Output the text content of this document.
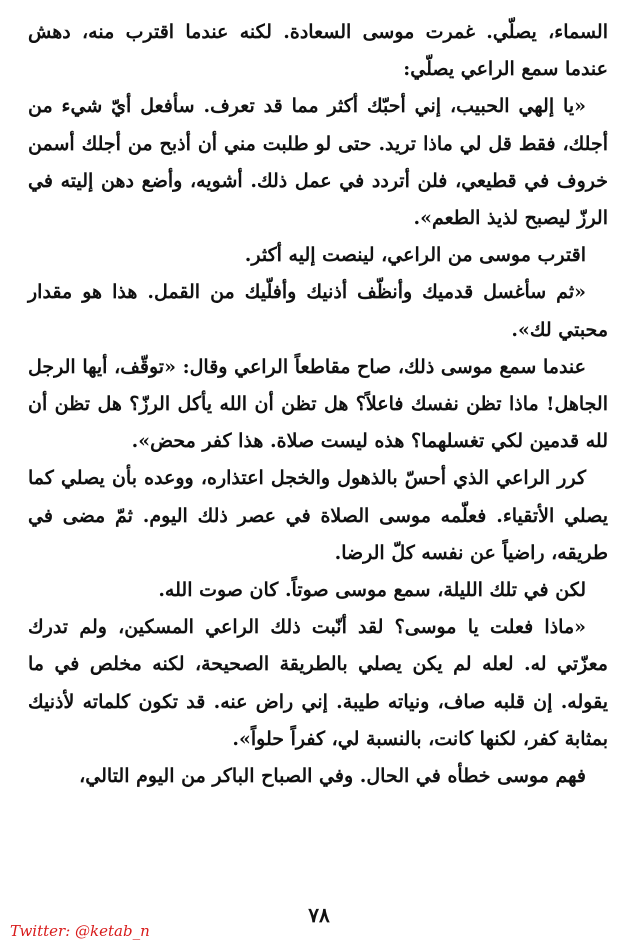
السماء، يصلّي. غمرت موسى السعادة. لكنه عندما اقترب منه، دهش عندما سمع الراعي يصلّي:

«يا إلهي الحبيب، إني أحبّك أكثر مما قد تعرف. سأفعل أيّ شيء من أجلك، فقط قل لي ماذا تريد. حتى لو طلبت مني أن أذبح من أجلك أسمن خروف في قطيعي، فلن أتردد في عمل ذلك. أشويه، وأضع دهن إليته في الرزّ ليصبح لذيذ الطعم».

اقترب موسى من الراعي، لينصت إليه أكثر.

«ثم سأغسل قدميك وأنظّف أذنيك وأفلّيك من القمل. هذا هو مقدار محبتي لك».

عندما سمع موسى ذلك، صاح مقاطعاً الراعي وقال: «توقّف، أيها الرجل الجاهل! ماذا تظن نفسك فاعلاً؟ هل تظن أن الله يأكل الرزّ؟ هل تظن أن لله قدمين لكي تغسلهما؟ هذه ليست صلاة. هذا كفر محض».

كرر الراعي الذي أحسّ بالذهول والخجل اعتذاره، ووعده بأن يصلي كما يصلي الأتقياء. فعلّمه موسى الصلاة في عصر ذلك اليوم. ثمّ مضى في طريقه، راضياً عن نفسه كلّ الرضا.

لكن في تلك الليلة، سمع موسى صوتاً. كان صوت الله.

«ماذا فعلت يا موسى؟ لقد أنّبت ذلك الراعي المسكين، ولم تدرك معزّتي له. لعله لم يكن يصلي بالطريقة الصحيحة، لكنه مخلص في ما يقوله. إن قلبه صاف، ونياته طيبة. إني راض عنه. قد تكون كلماته لأذنيك بمثابة كفر، لكنها كانت، بالنسبة لي، كفراً حلواً».

فهم موسى خطأه في الحال. وفي الصباح الباكر من اليوم التالي،

٧٨
Twitter: @ketab_n
